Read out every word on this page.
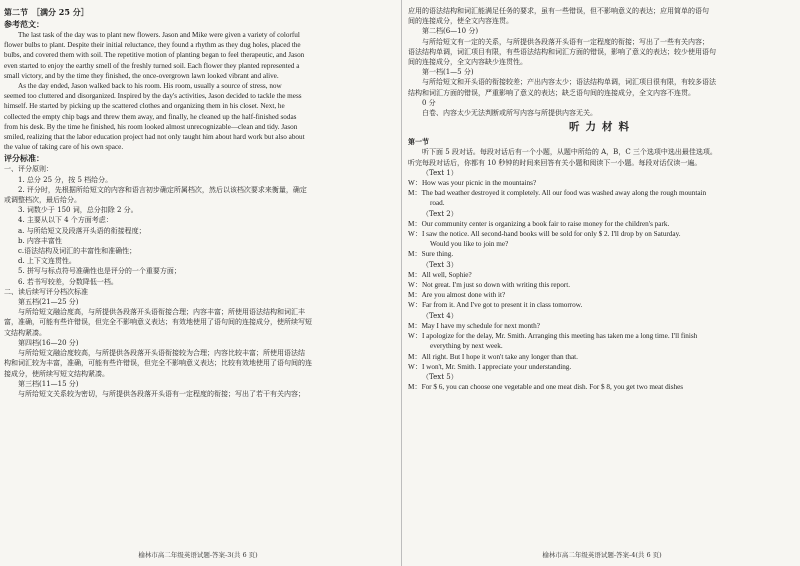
第二节　［满分 25 分］
参考范文：
The last task of the day was to plant new flowers. Jason and Mike were given a variety of colorful
flower bulbs to plant. Despite their initial reluctance, they found a rhythm as they dug holes, placed the
bulbs, and covered them with soil. The repetitive motion of planting began to feel therapeutic, and Jason
even started to enjoy the earthy smell of the freshly turned soil. Each flower they planted represented a
small victory, and by the time they finished, the once-overgrown lawn looked vibrant and alive.
As the day ended, Jason walked back to his room. His room, usually a source of stress, now
seemed too cluttered and disorganized. Inspired by the day's activities, Jason decided to tackle the mess
himself. He started by picking up the scattered clothes and organizing them in his closet. Next, he
collected the empty chip bags and threw them away, and finally, he cleaned up the half-finished sodas
from his desk. By the time he finished, his room looked almost unrecognizable—clean and tidy. Jason
smiled, realizing that the labor education project had not only taught him about hard work but also about
the value of taking care of his own space.
评分标准：
一、评分原则：
1. 总分 25 分，按 5 档给分。
2. 评分时，先根据所给短文的内容和语言初步确定所属档次，然后以该档次要求来衡量，确定
或调整档次，最后给分。
3. 词数少于 150 词，总分扣除 2 分。
4. 主要从以下 4 个方面考虑：
a. 与所给短文及段落开头语的衔接程度；
b. 内容丰富性
c.语法结构及词汇的丰富性和准确性；
d. 上下文连贯性。
5. 拼写与标点符号准确性也是评分的一个重要方面；
6. 若书写较差，分数降低一档。
二、读后续写评分档次标准
第五档(21—25 分)
与所给短文融洽度高，与所提供各段落开头语衔接合理；内容丰富；所使用语法结构和词汇丰
富，准确，可能有些许错误，但完全不影响意义表达；有效地使用了语句间的连接成分，使所续写短
文结构紧凑。
第四档(16—20 分)
与所给短文融洽度较高，与所提供各段落开头语衔接较为合理；内容比较丰富；所使用语法结
构和词汇较为丰富，准确，可能有些许错误，但完全不影响意义表达；比较有效地使用了语句间的连
接成分，使所续写短文结构紧凑。
第三档(11—15 分)
与所给短文关系较为密切，与所提供各段落开头语有一定程度的衔接；写出了若干有关内容；
榆林市高二年级英语试题-答案-3(共 6 页)
应用的语法结构和词汇能满足任务的要求，虽有一些错误，但不影响意义的表达；应用简单的语句
间的连接成分，使全文内容连贯。
第二档(6—10 分)
与所给短文有一定的关系，与所提供各段落开头语有一定程度的衔接；写出了一些有关内容；
语法结构单调，词汇项目有限，有些语法结构和词汇方面的错误，影响了意义的表达；较少使用语句
间的连接成分，全文内容缺少连贯性。
第一档(1—5 分)
与所给短文和开头语的衔接较差；产出内容太少；语法结构单调，词汇项目很有限，有较多语法
结构和词汇方面的错误，严重影响了意义的表达；缺乏语句间的连接成分，全文内容不连贯。
0 分
白卷、内容太少无法判断或所写内容与所提供内容无关。
听力材料
第一节
听下面 5 段对话。每段对话后有一个小题，从题中所给的 A，B，C 三个选项中选出最佳选项。
听完每段对话后，你都有 10 秒钟的时间来回答有关小题和阅读下一小题。每段对话仅读一遍。
（Text 1）
W：How was your picnic in the mountains?
M：The bad weather destroyed it completely. All our food was washed away along the rough mountain
road.
（Text 2）
M：Our community center is organizing a book fair to raise money for the children's park.
W：I saw the notice. All second-hand books will be sold for only $ 2. I'll drop by on Saturday.
Would you like to join me?
M：Sure thing.
（Text 3）
M：All well, Sophie?
W：Not great. I'm just so down with writing this report.
M：Are you almost done with it?
W：Far from it. And I've got to present it in class tomorrow.
（Text 4）
M：May I have my schedule for next month?
W：I apologize for the delay, Mr. Smith. Arranging this meeting has taken me a long time. I'll finish
everything by next week.
M：All right. But I hope it won't take any longer than that.
W：I won't, Mr. Smith. I appreciate your understanding.
（Text 5）
M：For $ 6, you can choose one vegetable and one meat dish. For $ 8, you get two meat dishes
榆林市高二年级英语试题-答案-4(共 6 页)
